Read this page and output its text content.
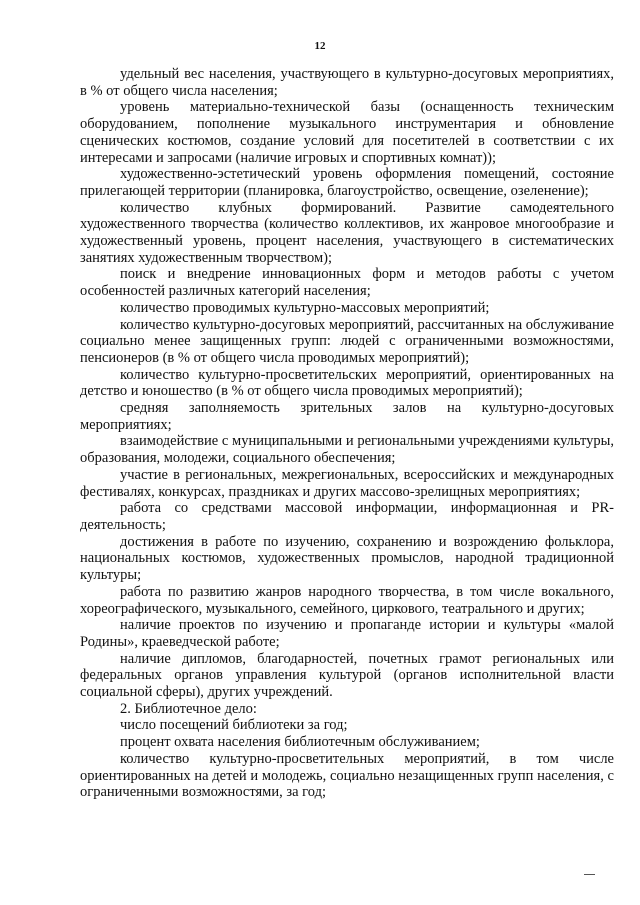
12

удельный вес населения, участвующего в культурно-досуговых мероприятиях, в % от общего числа населения;

уровень материально-технической базы (оснащенность техническим оборудованием, пополнение музыкального инструментария и обновление сценических костюмов, создание условий для посетителей в соответствии с их интересами и запросами (наличие игровых и спортивных комнат));

художественно-эстетический уровень оформления помещений, состояние прилегающей территории (планировка, благоустройство, освещение, озеленение);

количество клубных формирований. Развитие самодеятельного художественного творчества (количество коллективов, их жанровое многообразие и художественный уровень, процент населения, участвующего в систематических занятиях художественным творчеством);

поиск и внедрение инновационных форм и методов работы с учетом особенностей различных категорий населения;

количество проводимых культурно-массовых мероприятий;

количество культурно-досуговых мероприятий, рассчитанных на обслуживание социально менее защищенных групп: людей с ограниченными возможностями, пенсионеров (в % от общего числа проводимых мероприятий);

количество культурно-просветительских мероприятий, ориентированных на детство и юношество (в % от общего числа проводимых мероприятий);

средняя заполняемость зрительных залов на культурно-досуговых мероприятиях;

взаимодействие с муниципальными и региональными учреждениями культуры, образования, молодежи, социального обеспечения;

участие в региональных, межрегиональных, всероссийских и международных фестивалях, конкурсах, праздниках и других массово-зрелищных мероприятиях;

работа со средствами массовой информации, информационная и PR-деятельность;

достижения в работе по изучению, сохранению и возрождению фольклора, национальных костюмов, художественных промыслов, народной традиционной культуры;

работа по развитию жанров народного творчества, в том числе вокального, хореографического, музыкального, семейного, циркового, театрального и других;

наличие проектов по изучению и пропаганде истории и культуры «малой Родины», краеведческой работе;

наличие дипломов, благодарностей, почетных грамот региональных или федеральных органов управления культурой (органов исполнительной власти социальной сферы), других учреждений.

2. Библиотечное дело:

число посещений библиотеки за год;

процент охвата населения библиотечным обслуживанием;

количество культурно-просветительных мероприятий, в том числе ориентированных на детей и молодежь, социально незащищенных групп населения, с ограниченными возможностями, за год;
